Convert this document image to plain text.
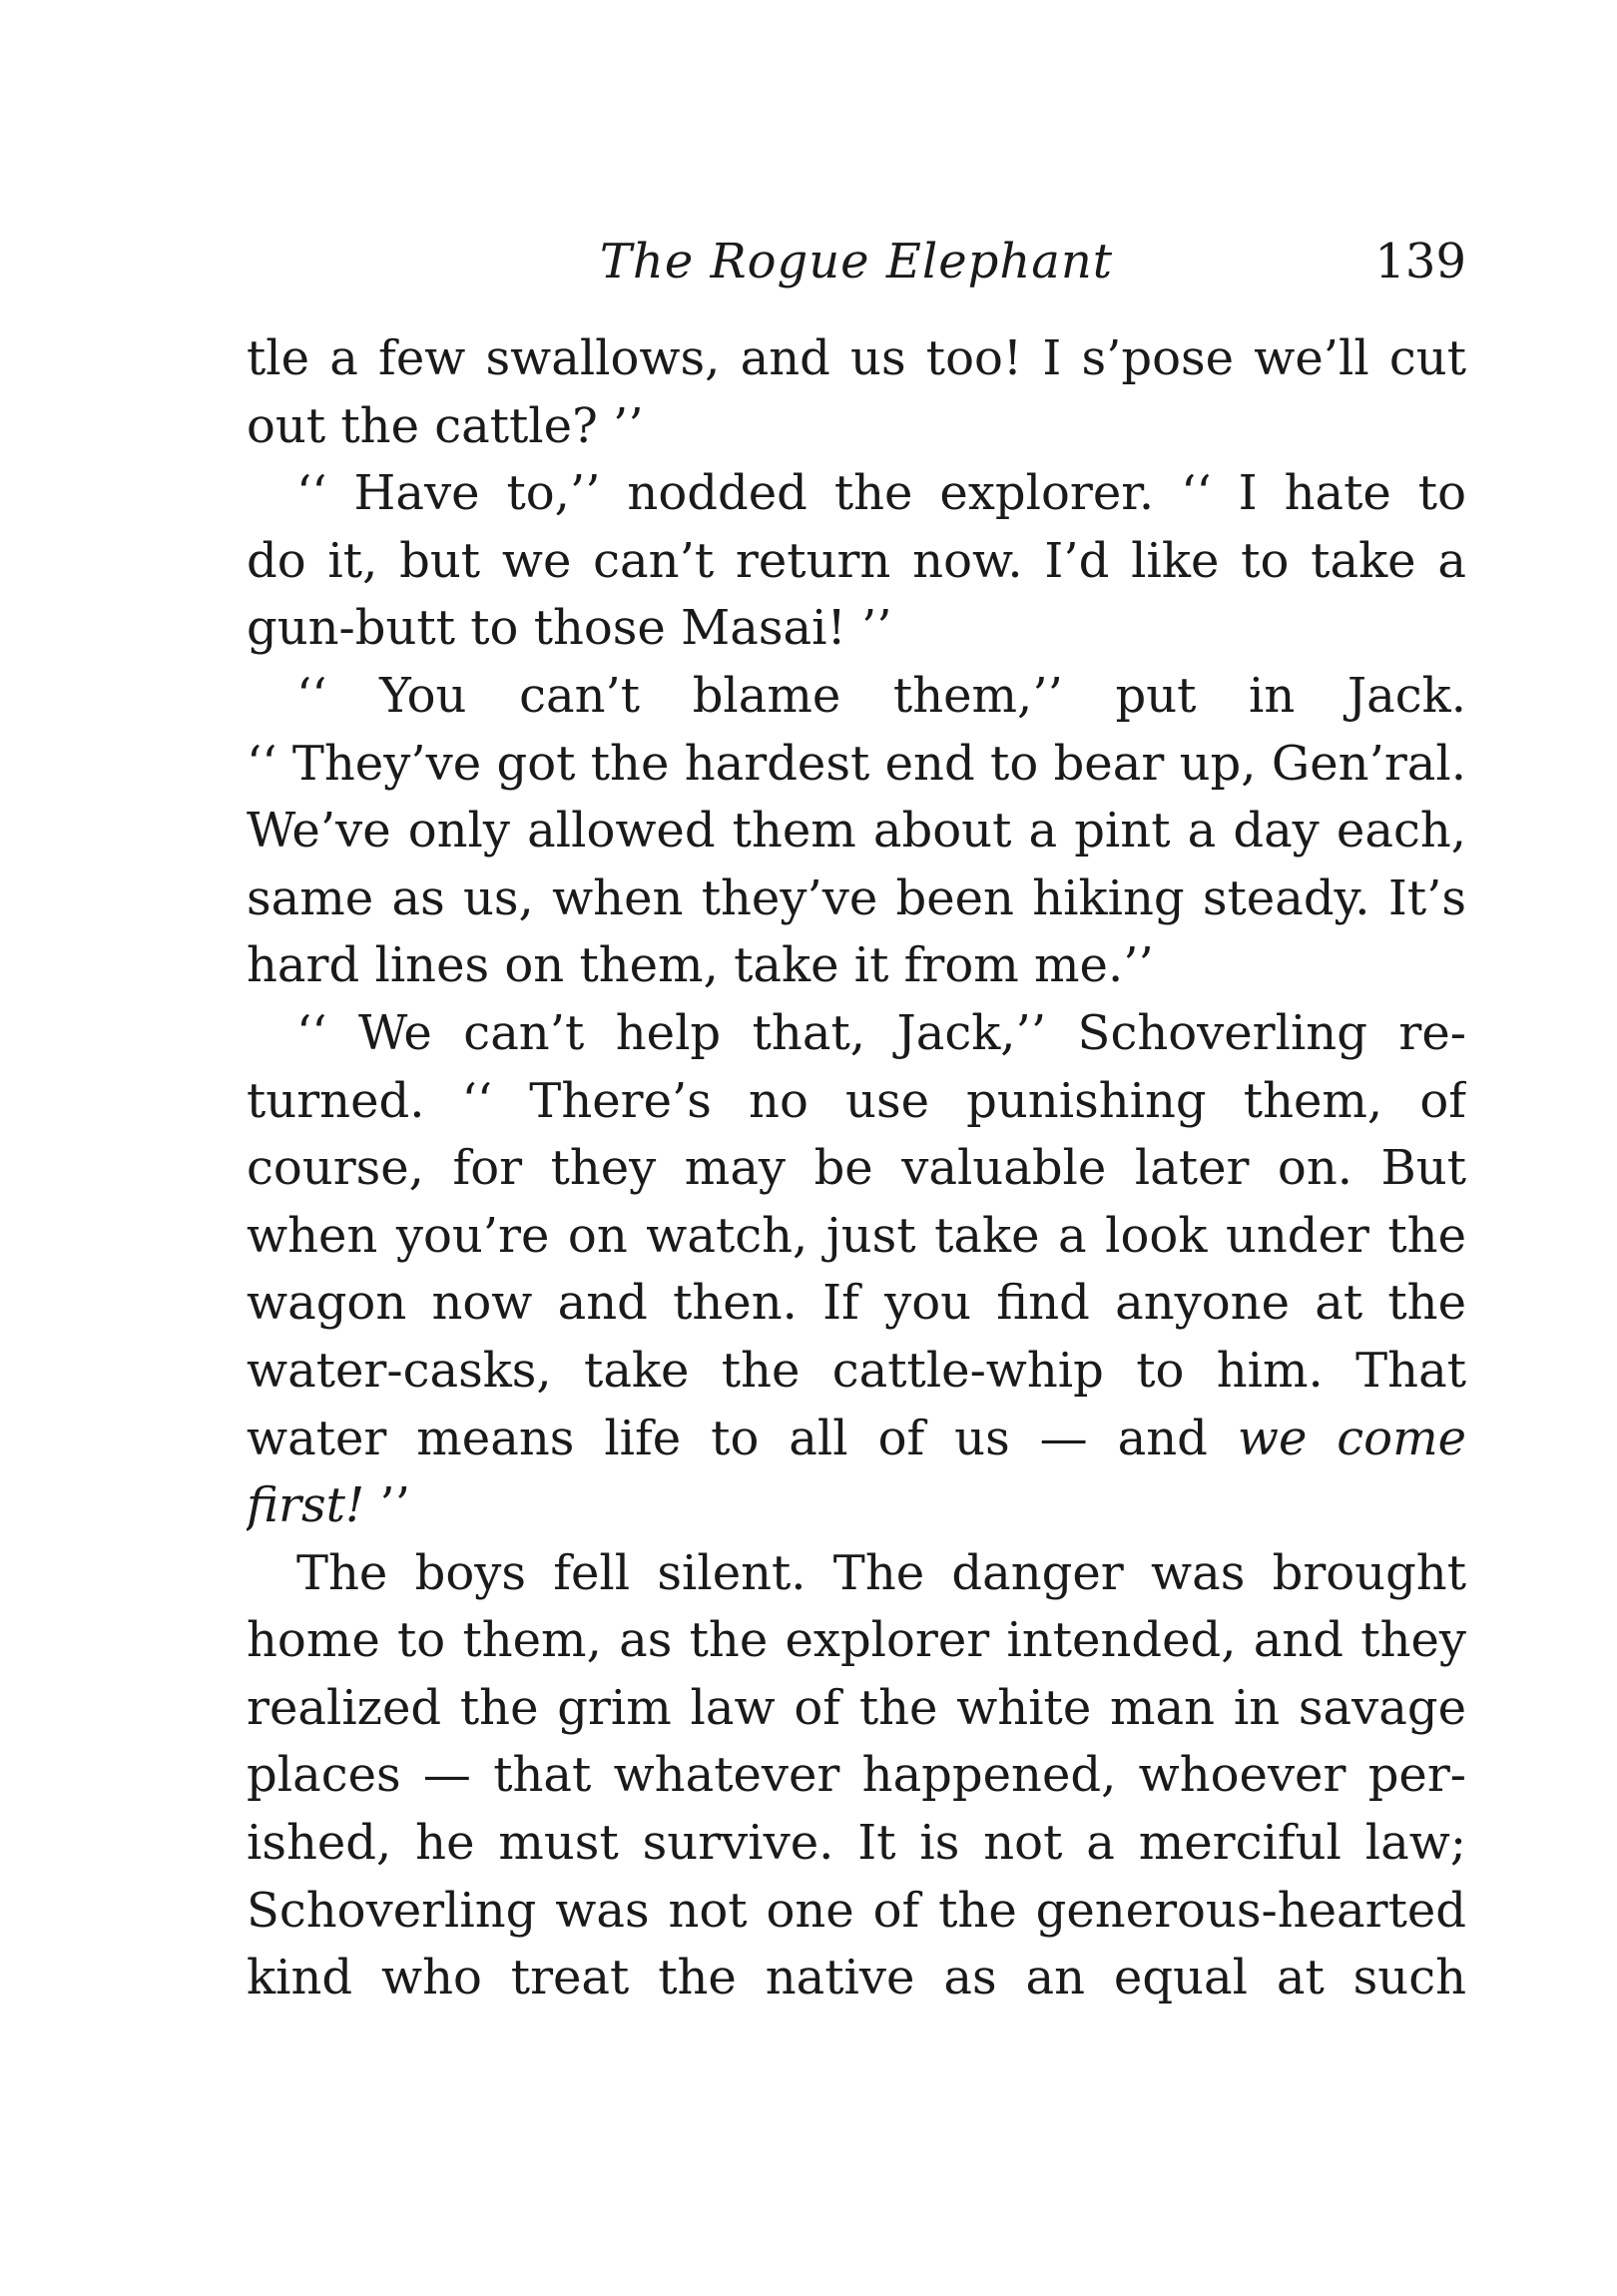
The Rogue Elephant	139
tle a few swallows, and us too! I s’pose we’ll cut
out the cattle? ’’
‘‘ Have to,’’ nodded the explorer. ‘‘ I hate to
do it, but we can’t return now. I’d like to take a
gun-butt to those Masai! ’’
‘‘ You can’t blame them,’’ put in Jack.
‘‘ They’ve got the hardest end to bear up, Gen’ral.
We’ve only allowed them about a pint a day each,
same as us, when they’ve been hiking steady. It’s
hard lines on them, take it from me.’’
‘‘ We can’t help that, Jack,’’ Schoverling re-
turned. ‘‘ There’s no use punishing them, of
course, for they may be valuable later on. But
when you’re on watch, just take a look under the
wagon now and then. If you find anyone at the
water-casks, take the cattle-whip to him. That
water means life to all of us — and we come
first! ’’
The boys fell silent. The danger was brought
home to them, as the explorer intended, and they
realized the grim law of the white man in savage
places — that whatever happened, whoever per-
ished, he must survive. It is not a merciful law;
Schoverling was not one of the generous-hearted
kind who treat the native as an equal at such
